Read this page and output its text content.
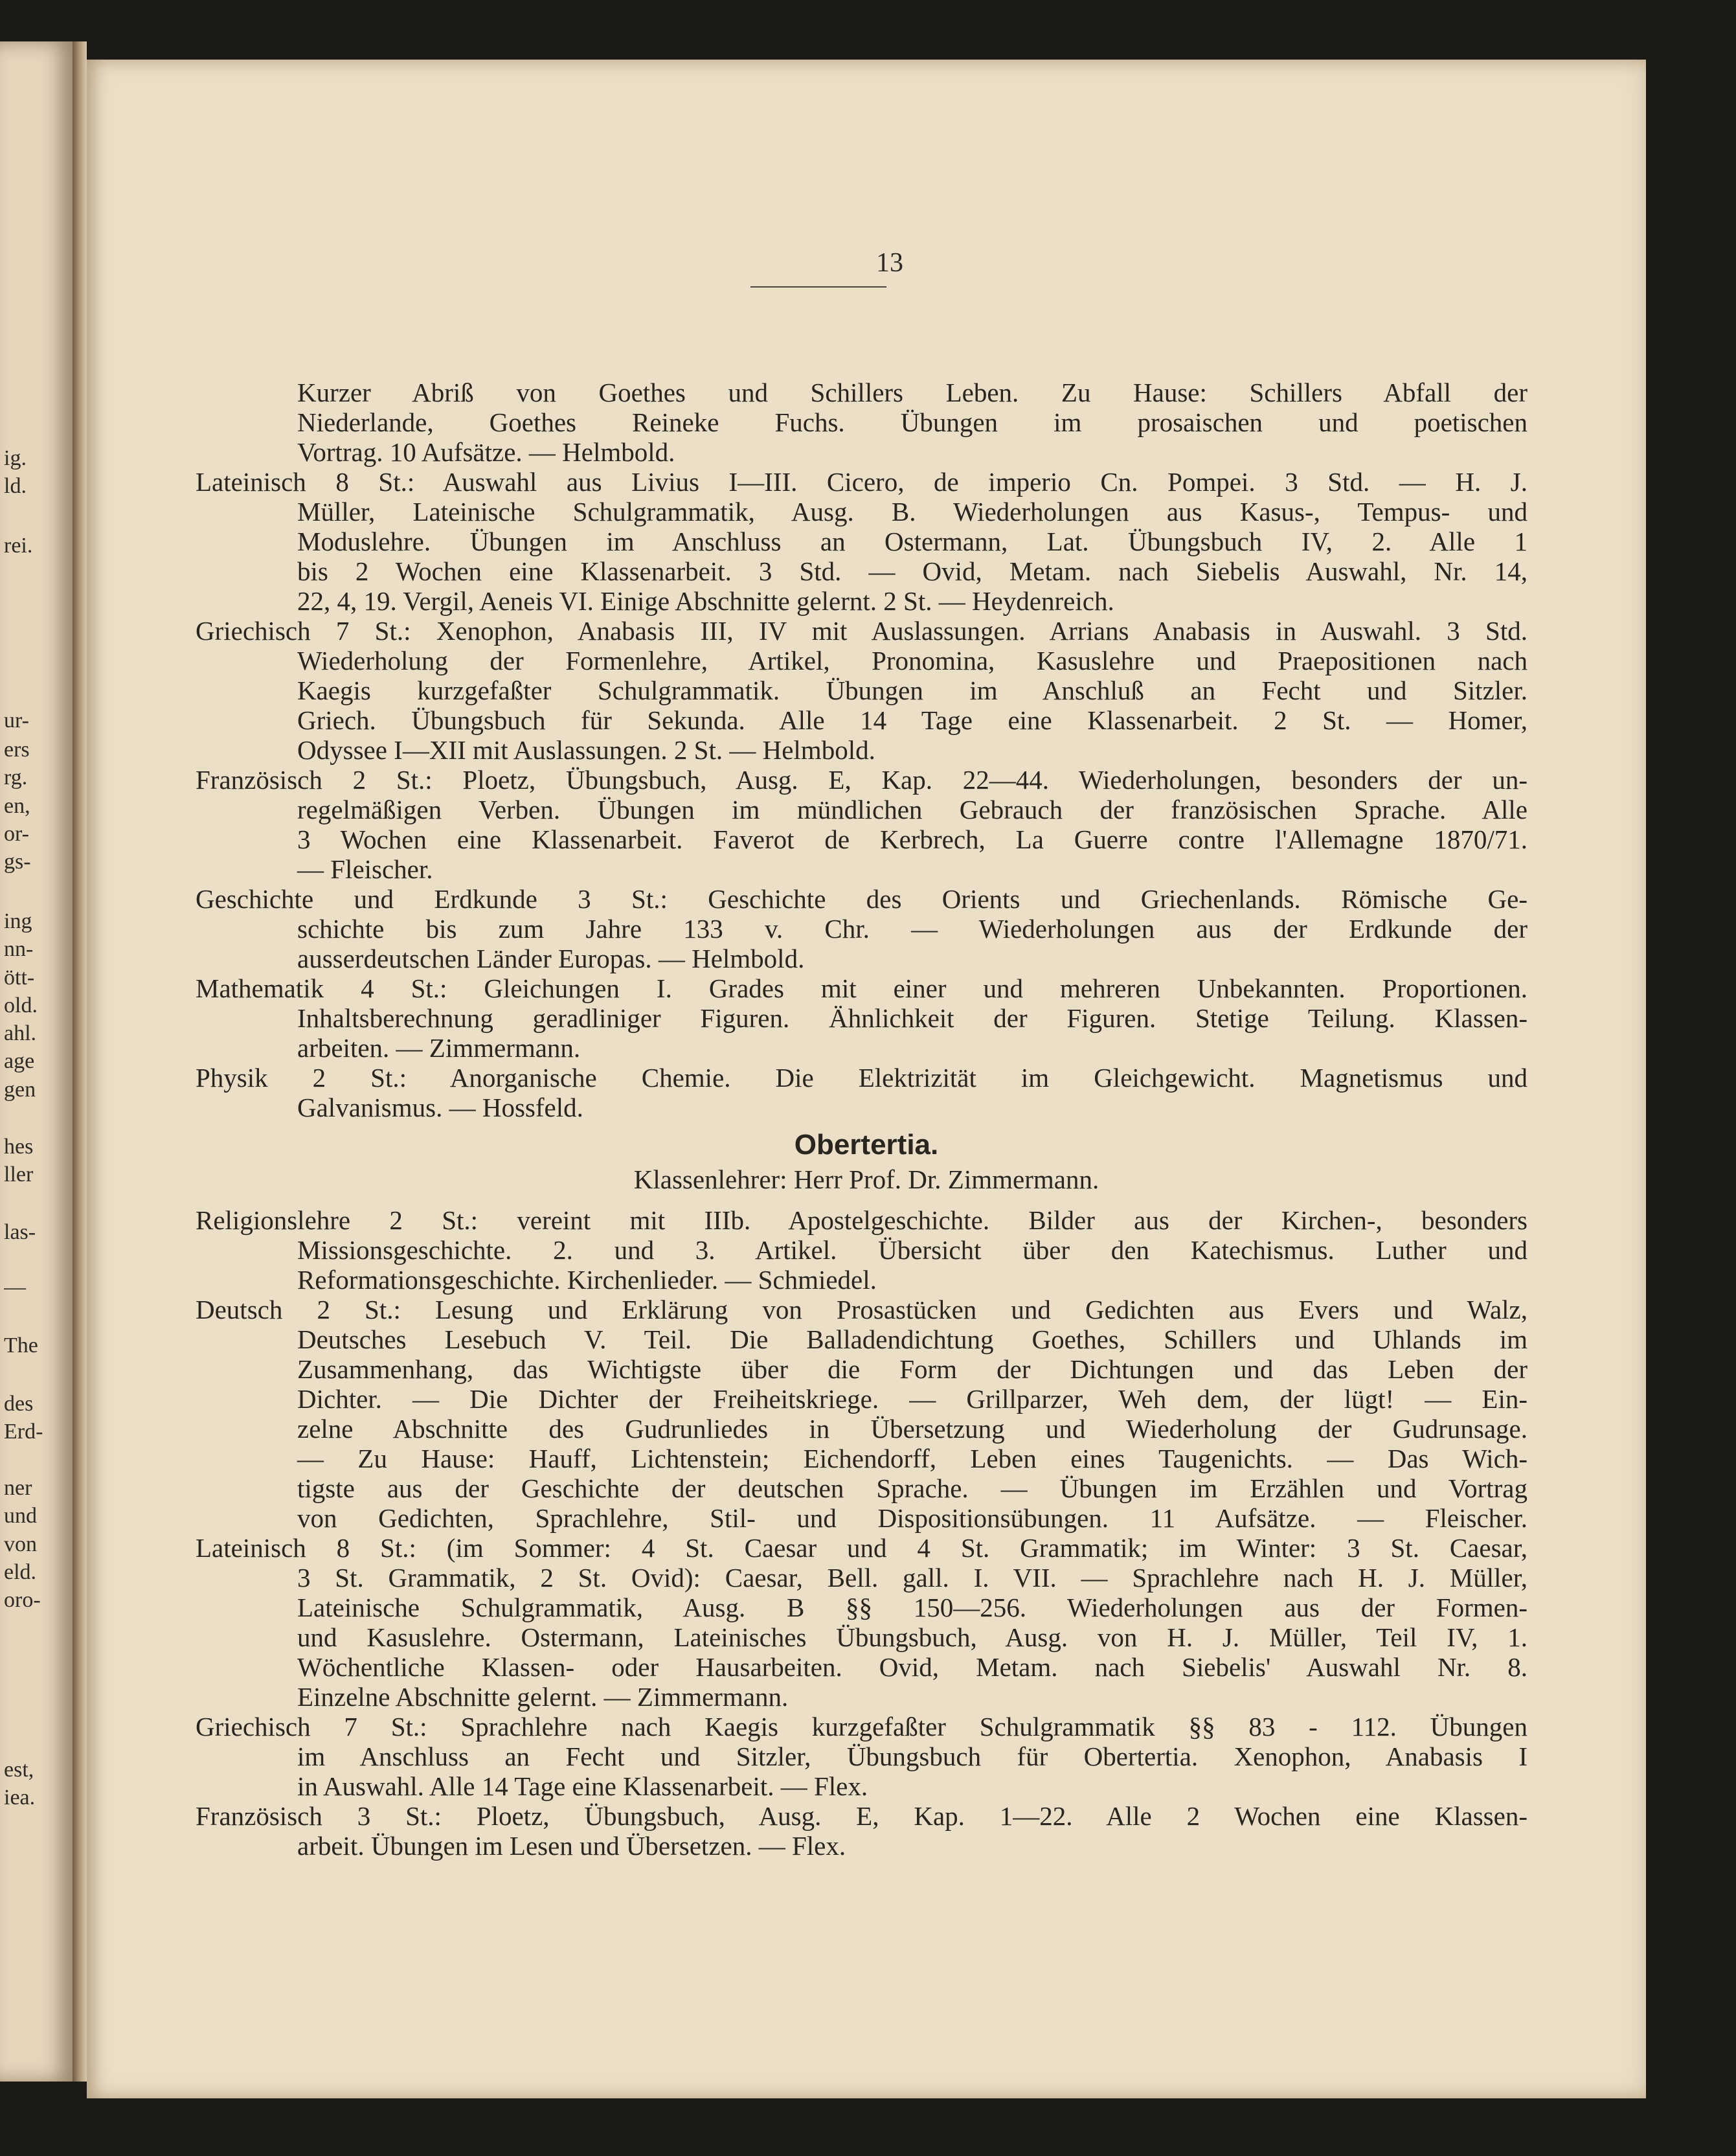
ig.
ld.
rei.
ur-
ers
rg.
en,
or-
gs-
ing
nn-
ött-
old.
ahl.
age
gen
hes
ller
las-
—
The
des
Erd-
ner
und
von
eld.
oro-
est,
iea.
13
Kurzer Abriß von Goethes und Schillers Leben. Zu Hause: Schillers Abfall der
Niederlande, Goethes Reineke Fuchs. Übungen im prosaischen und poetischen
Vortrag. 10 Aufsätze. — Helmbold.
Lateinisch 8 St.: Auswahl aus Livius I—III. Cicero, de imperio Cn. Pompei. 3 Std. — H. J.
Müller, Lateinische Schulgrammatik, Ausg. B. Wiederholungen aus Kasus-, Tempus- und
Moduslehre. Übungen im Anschluss an Ostermann, Lat. Übungsbuch IV, 2. Alle 1
bis 2 Wochen eine Klassenarbeit. 3 Std. — Ovid, Metam. nach Siebelis Auswahl, Nr. 14,
22, 4, 19. Vergil, Aeneis VI. Einige Abschnitte gelernt. 2 St. — Heydenreich.
Griechisch 7 St.: Xenophon, Anabasis III, IV mit Auslassungen. Arrians Anabasis in Auswahl. 3 Std.
Wiederholung der Formenlehre, Artikel, Pronomina, Kasuslehre und Praepositionen nach
Kaegis kurzgefaßter Schulgrammatik. Übungen im Anschluß an Fecht und Sitzler.
Griech. Übungsbuch für Sekunda. Alle 14 Tage eine Klassenarbeit. 2 St. — Homer,
Odyssee I—XII mit Auslassungen. 2 St. — Helmbold.
Französisch 2 St.: Ploetz, Übungsbuch, Ausg. E, Kap. 22—44. Wiederholungen, besonders der un-
regelmäßigen Verben. Übungen im mündlichen Gebrauch der französischen Sprache. Alle
3 Wochen eine Klassenarbeit. Faverot de Kerbrech, La Guerre contre l'Allemagne 1870/71.
— Fleischer.
Geschichte und Erdkunde 3 St.: Geschichte des Orients und Griechenlands. Römische Ge-
schichte bis zum Jahre 133 v. Chr. — Wiederholungen aus der Erdkunde der
ausserdeutschen Länder Europas. — Helmbold.
Mathematik 4 St.: Gleichungen I. Grades mit einer und mehreren Unbekannten. Proportionen.
Inhaltsberechnung geradliniger Figuren. Ähnlichkeit der Figuren. Stetige Teilung. Klassen-
arbeiten. — Zimmermann.
Physik 2 St.: Anorganische Chemie. Die Elektrizität im Gleichgewicht. Magnetismus und
Galvanismus. — Hossfeld.
Obertertia.
Klassenlehrer: Herr Prof. Dr. Zimmermann.
Religionslehre 2 St.: vereint mit IIIb. Apostelgeschichte. Bilder aus der Kirchen-, besonders
Missionsgeschichte. 2. und 3. Artikel. Übersicht über den Katechismus. Luther und
Reformationsgeschichte. Kirchenlieder. — Schmiedel.
Deutsch 2 St.: Lesung und Erklärung von Prosastücken und Gedichten aus Evers und Walz,
Deutsches Lesebuch V. Teil. Die Balladendichtung Goethes, Schillers und Uhlands im
Zusammenhang, das Wichtigste über die Form der Dichtungen und das Leben der
Dichter. — Die Dichter der Freiheitskriege. — Grillparzer, Weh dem, der lügt! — Ein-
zelne Abschnitte des Gudrunliedes in Übersetzung und Wiederholung der Gudrunsage.
— Zu Hause: Hauff, Lichtenstein; Eichendorff, Leben eines Taugenichts. — Das Wich-
tigste aus der Geschichte der deutschen Sprache. — Übungen im Erzählen und Vortrag
von Gedichten, Sprachlehre, Stil- und Dispositionsübungen. 11 Aufsätze. — Fleischer.
Lateinisch 8 St.: (im Sommer: 4 St. Caesar und 4 St. Grammatik; im Winter: 3 St. Caesar,
3 St. Grammatik, 2 St. Ovid): Caesar, Bell. gall. I. VII. — Sprachlehre nach H. J. Müller,
Lateinische Schulgrammatik, Ausg. B §§ 150—256. Wiederholungen aus der Formen-
und Kasuslehre. Ostermann, Lateinisches Übungsbuch, Ausg. von H. J. Müller, Teil IV, 1.
Wöchentliche Klassen- oder Hausarbeiten. Ovid, Metam. nach Siebelis' Auswahl Nr. 8.
Einzelne Abschnitte gelernt. — Zimmermann.
Griechisch 7 St.: Sprachlehre nach Kaegis kurzgefaßter Schulgrammatik §§ 83 - 112. Übungen
im Anschluss an Fecht und Sitzler, Übungsbuch für Obertertia. Xenophon, Anabasis I
in Auswahl. Alle 14 Tage eine Klassenarbeit. — Flex.
Französisch 3 St.: Ploetz, Übungsbuch, Ausg. E, Kap. 1—22. Alle 2 Wochen eine Klassen-
arbeit. Übungen im Lesen und Übersetzen. — Flex.
